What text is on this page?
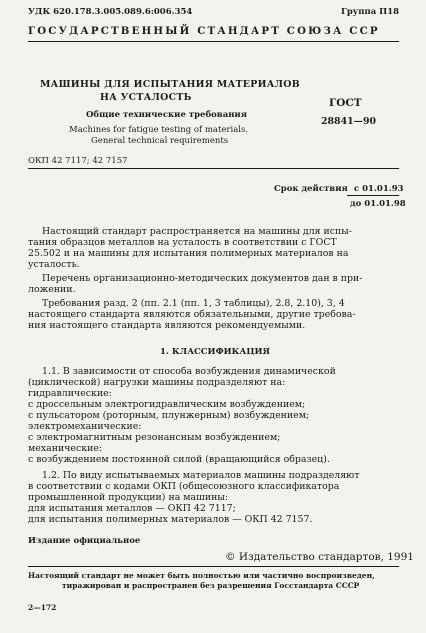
УДК 620.178.3.005.089.6:006.354	Группа П18
ГОСУДАРСТВЕННЫЙ СТАНДАРТ СОЮЗА ССР
МАШИНЫ ДЛЯ ИСПЫТАНИЯ МАТЕРИАЛОВ
НА УСТАЛОСТЬ
Общие технические требования
Machines for fatigue testing of materials.
General technical requirements
ГОСТ
28841—90
ОКП 42 7117; 42 7157
Срок действия с 01.01.93
до 01.01.98
Настоящий стандарт распространяется на машины для испы-
тания образцов металлов на усталость в соответствии с ГОСТ
25.502 и на машины для испытания полимерных материалов на
усталость.
Перечень организационно-методических документов дан в при-
ложении.
Требования разд. 2 (пп. 2.1 (пп. 1, 3 таблицы), 2.8, 2.10), 3, 4
настоящего стандарта являются обязательными, другие требова-
ния настоящего стандарта являются рекомендуемыми.
1. КЛАССИФИКАЦИЯ
1.1. В зависимости от способа возбуждения динамической
(циклической) нагрузки машины подразделяют на:
гидравлические:
с дроссельным электрогидравлическим возбуждением;
с пульсатором (роторным, плунжерным) возбуждением;
электромеханические:
с электромагнитным резонансным возбуждением;
механические:
с возбуждением постоянной силой (вращающийся образец).
1.2. По виду испытываемых материалов машины подразделяют
в соответствии с кодами ОКП (общесоюзного классификатора
промышленной продукции) на машины:
для испытания металлов — ОКП 42 7117;
для испытания полимерных материалов — ОКП 42 7157.
Издание официальное
© Издательство стандартов, 1991
Настоящий стандарт не может быть полностью или частично воспроизведен,
тиражирован и распространен без разрешения Госстандарта СССР
2—172
